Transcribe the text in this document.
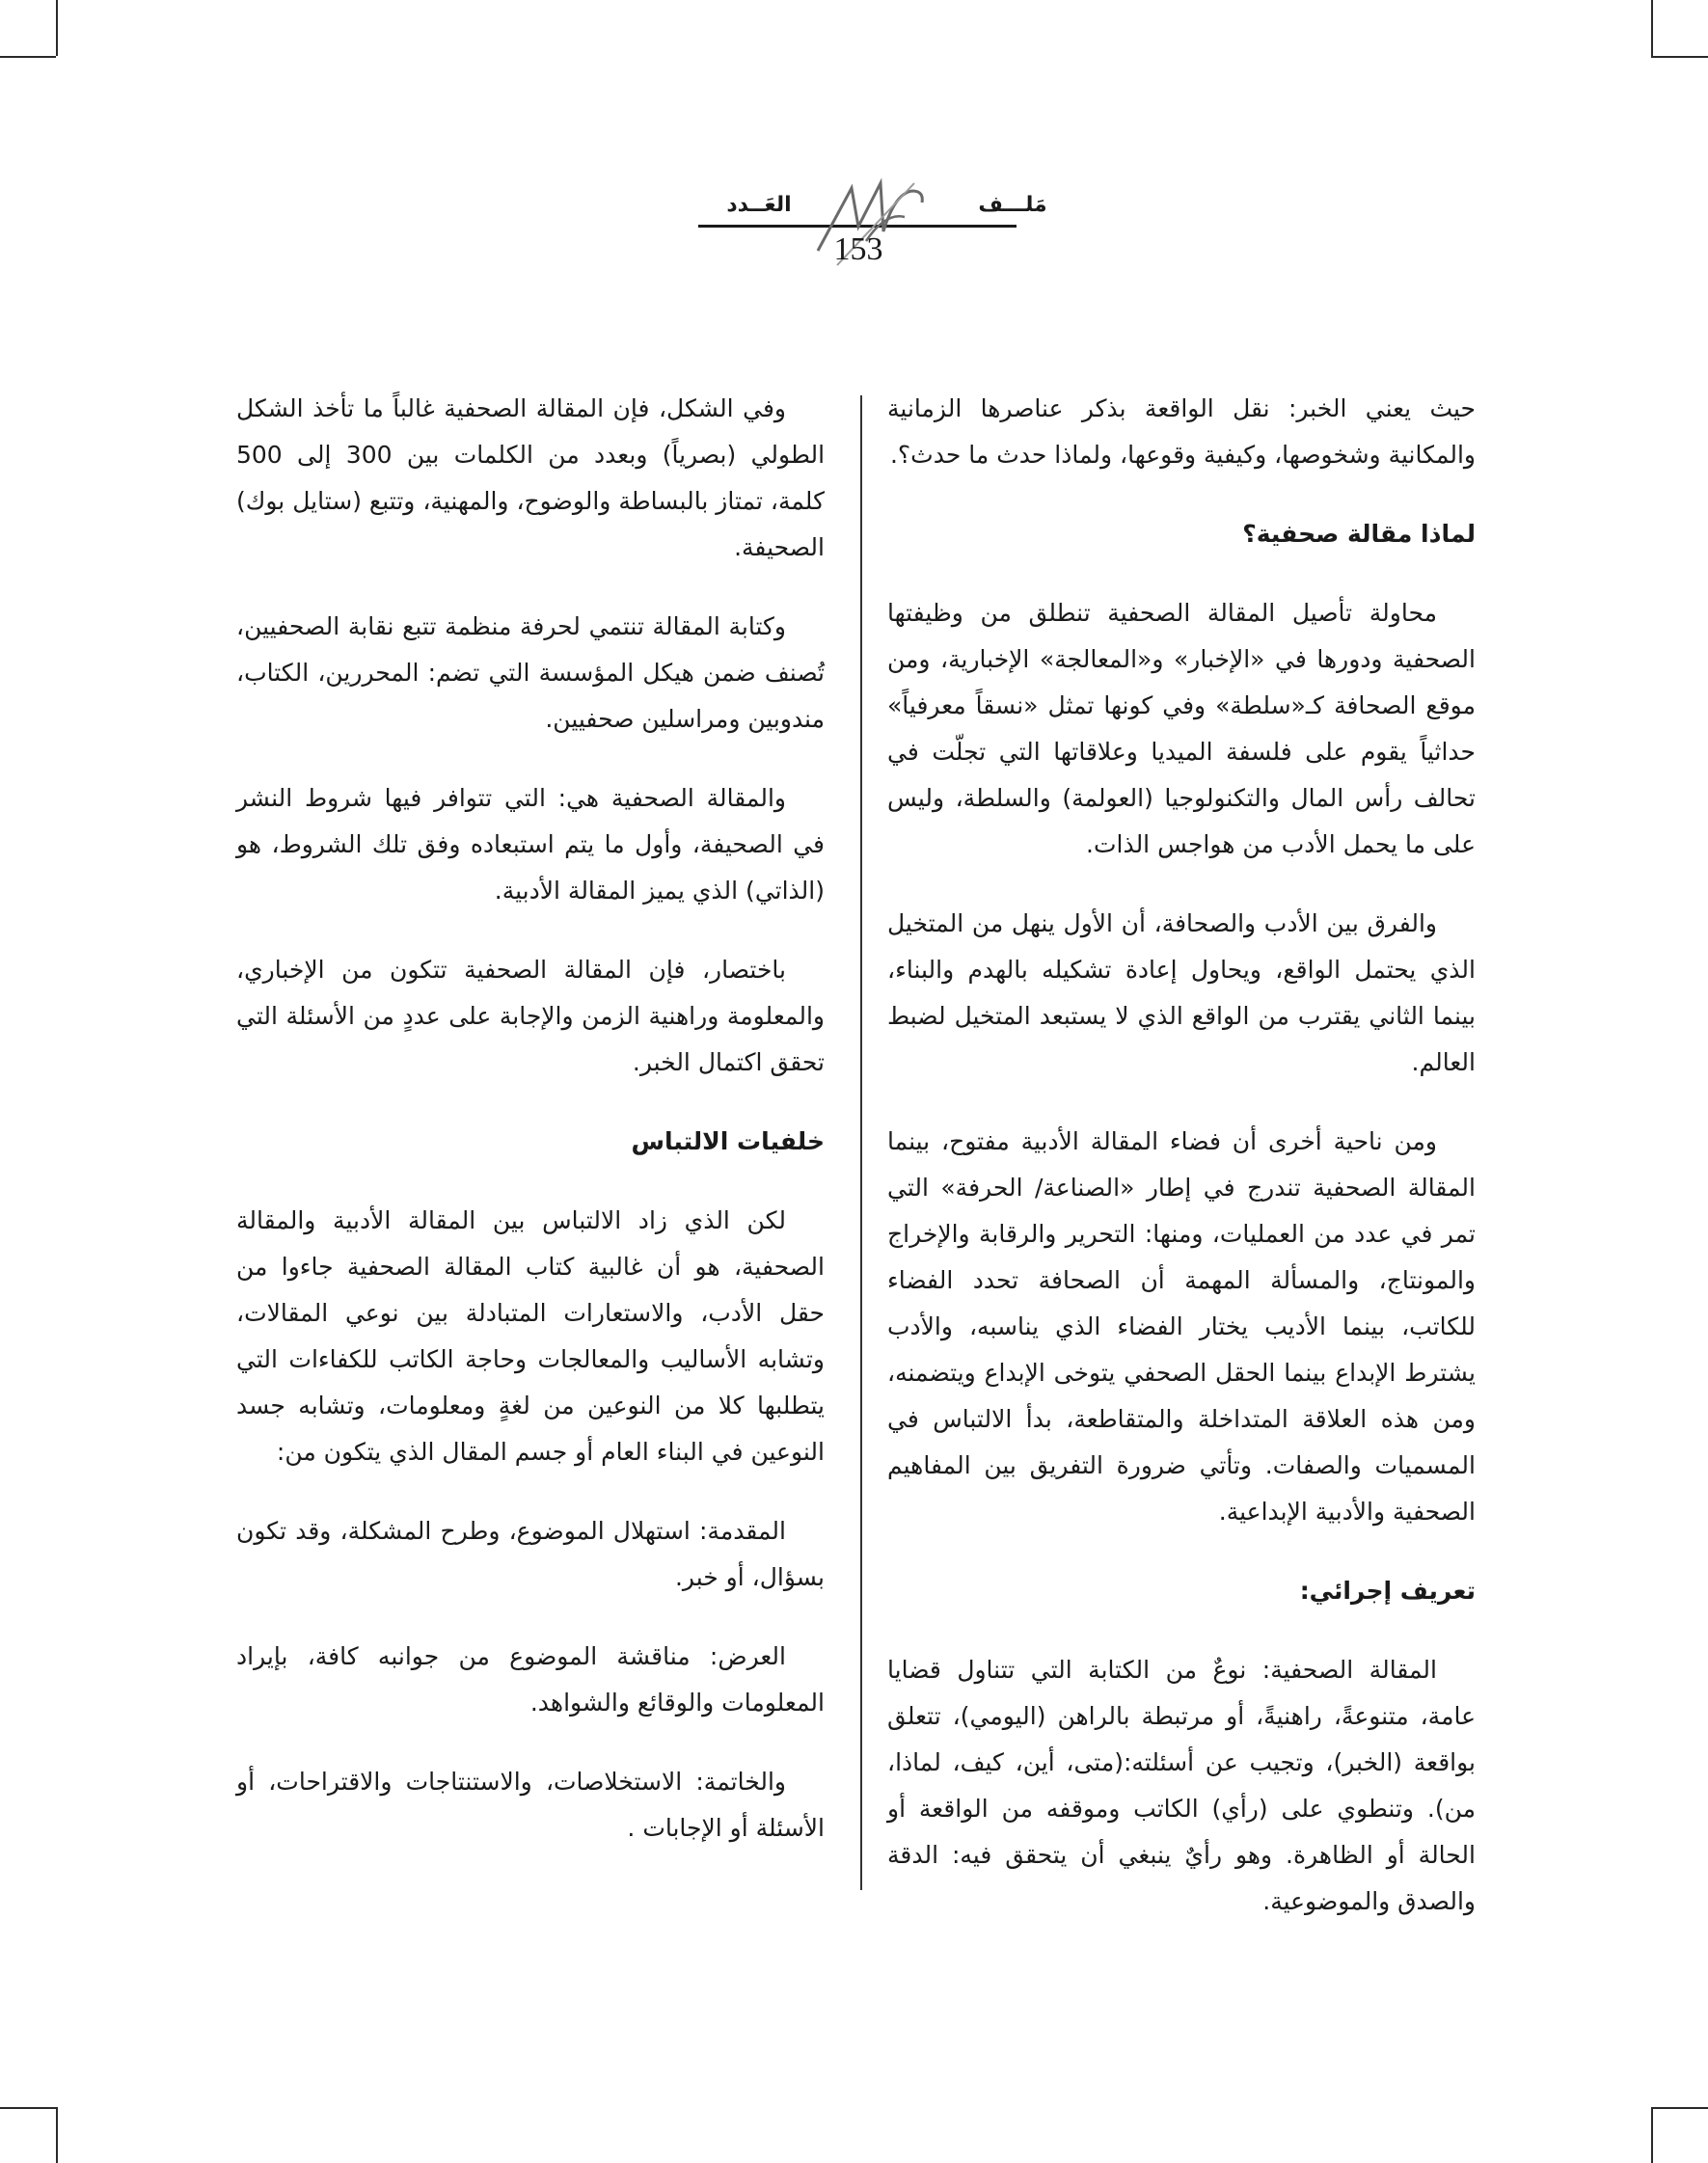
مَلـــف
العَــدد
153

حيث يعني الخبر: نقل الواقعة بذكر عناصرها الزمانية والمكانية وشخوصها، وكيفية وقوعها، ولماذا حدث ما حدث؟.

لماذا مقالة صحفية؟

محاولة تأصيل المقالة الصحفية تنطلق من وظيفتها الصحفية ودورها في «الإخبار» و«المعالجة» الإخبارية، ومن موقع الصحافة كـ«سلطة» وفي كونها تمثل «نسقاً معرفياً» حداثياً يقوم على فلسفة الميديا وعلاقاتها التي تجلّت في تحالف رأس المال والتكنولوجيا (العولمة) والسلطة، وليس على ما يحمل الأدب من هواجس الذات.

والفرق بين الأدب والصحافة، أن الأول ينهل من المتخيل الذي يحتمل الواقع، ويحاول إعادة تشكيله بالهدم والبناء، بينما الثاني يقترب من الواقع الذي لا يستبعد المتخيل لضبط العالم.

ومن ناحية أخرى أن فضاء المقالة الأدبية مفتوح، بينما المقالة الصحفية تندرج في إطار «الصناعة/ الحرفة» التي تمر في عدد من العمليات، ومنها: التحرير والرقابة والإخراج والمونتاج، والمسألة المهمة أن الصحافة تحدد الفضاء للكاتب، بينما الأديب يختار الفضاء الذي يناسبه، والأدب يشترط الإبداع بينما الحقل الصحفي يتوخى الإبداع ويتضمنه، ومن هذه العلاقة المتداخلة والمتقاطعة، بدأ الالتباس في المسميات والصفات. وتأتي ضرورة التفريق بين المفاهيم الصحفية والأدبية الإبداعية.

تعريف إجرائي:

المقالة الصحفية: نوعٌ من الكتابة التي تتناول قضايا عامة، متنوعةً، راهنيةً، أو مرتبطة بالراهن (اليومي)، تتعلق بواقعة (الخبر)، وتجيب عن أسئلته:(متى، أين، كيف، لماذا، من). وتنطوي على (رأي) الكاتب وموقفه من الواقعة أو الحالة أو الظاهرة. وهو رأيٌ ينبغي أن يتحقق فيه: الدقة والصدق والموضوعية.

وفي الشكل، فإن المقالة الصحفية غالباً ما تأخذ الشكل الطولي (بصرياً) وبعدد من الكلمات بين 300 إلى 500 كلمة، تمتاز بالبساطة والوضوح، والمهنية، وتتبع (ستايل بوك) الصحيفة.

وكتابة المقالة تنتمي لحرفة منظمة تتبع نقابة الصحفيين، تُصنف ضمن هيكل المؤسسة التي تضم: المحررين، الكتاب، مندوبين ومراسلين صحفيين.

والمقالة الصحفية هي: التي تتوافر فيها شروط النشر في الصحيفة، وأول ما يتم استبعاده وفق تلك الشروط، هو (الذاتي) الذي يميز المقالة الأدبية.

باختصار، فإن المقالة الصحفية تتكون من الإخباري، والمعلومة وراهنية الزمن والإجابة على عددٍ من الأسئلة التي تحقق اكتمال الخبر.

خلفيات الالتباس

لكن الذي زاد الالتباس بين المقالة الأدبية والمقالة الصحفية، هو أن غالبية كتاب المقالة الصحفية جاءوا من حقل الأدب، والاستعارات المتبادلة بين نوعي المقالات، وتشابه الأساليب والمعالجات وحاجة الكاتب للكفاءات التي يتطلبها كلا من النوعين من لغةٍ ومعلومات، وتشابه جسد النوعين في البناء العام أو جسم المقال الذي يتكون من:

المقدمة: استهلال الموضوع، وطرح المشكلة، وقد تكون بسؤال، أو خبر.

العرض: مناقشة الموضوع من جوانبه كافة، بإيراد المعلومات والوقائع والشواهد.

والخاتمة: الاستخلاصات، والاستنتاجات والاقتراحات، أو الأسئلة أو الإجابات .
